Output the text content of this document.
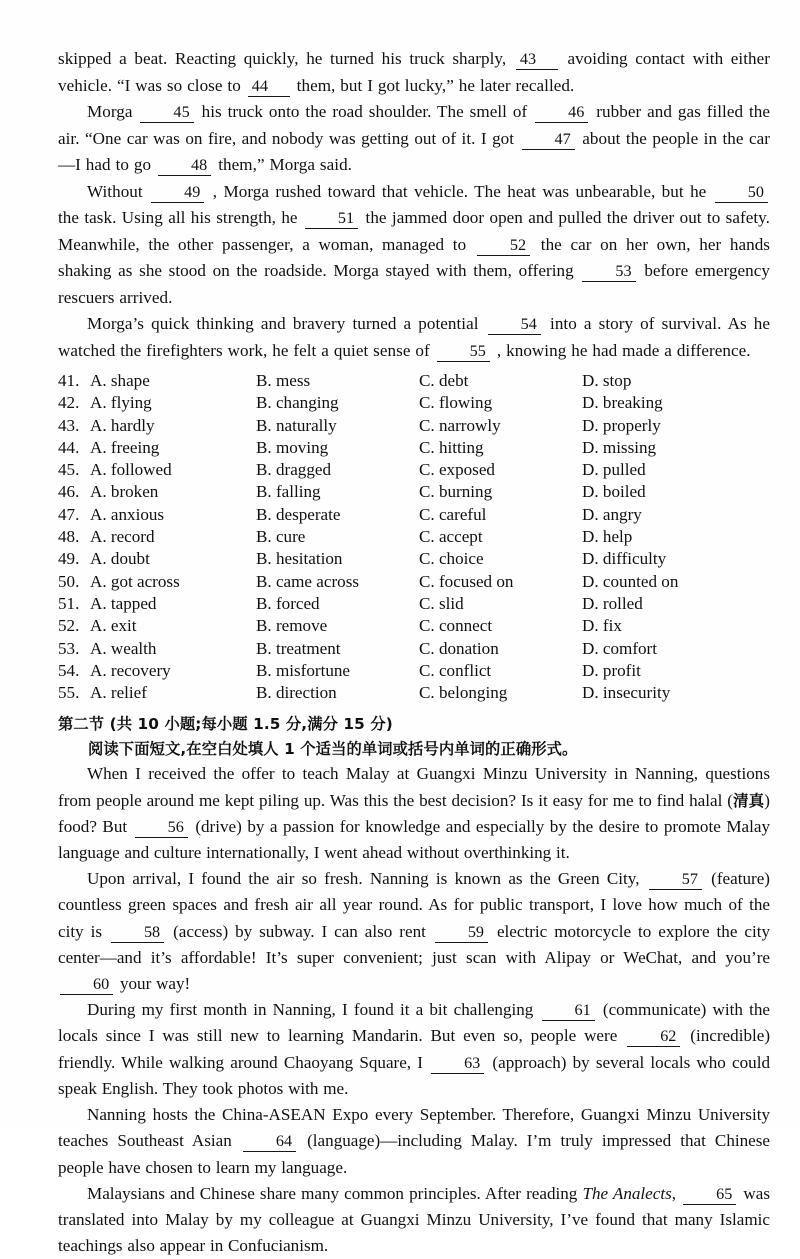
skipped a beat. Reacting quickly, he turned his truck sharply, 43 avoiding contact with either vehicle. “I was so close to 44 them, but I got lucky,” he later recalled.

Morga 45 his truck onto the road shoulder. The smell of 46 rubber and gas filled the air. “One car was on fire, and nobody was getting out of it. I got 47 about the people in the car—I had to go 48 them,” Morga said.

Without 49 , Morga rushed toward that vehicle. The heat was unbearable, but he 50 the task. Using all his strength, he 51 the jammed door open and pulled the driver out to safety. Meanwhile, the other passenger, a woman, managed to 52 the car on her own, her hands shaking as she stood on the roadside. Morga stayed with them, offering 53 before emergency rescuers arrived.

Morga’s quick thinking and bravery turned a potential 54 into a story of survival. As he watched the firefighters work, he felt a quiet sense of 55 , knowing he had made a difference.

41. A. shape	B. mess	C. debt	D. stop
42. A. flying	B. changing	C. flowing	D. breaking
43. A. hardly	B. naturally	C. narrowly	D. properly
44. A. freeing	B. moving	C. hitting	D. missing
45. A. followed	B. dragged	C. exposed	D. pulled
46. A. broken	B. falling	C. burning	D. boiled
47. A. anxious	B. desperate	C. careful	D. angry
48. A. record	B. cure	C. accept	D. help
49. A. doubt	B. hesitation	C. choice	D. difficulty
50. A. got across	B. came across	C. focused on	D. counted on
51. A. tapped	B. forced	C. slid	D. rolled
52. A. exit	B. remove	C. connect	D. fix
53. A. wealth	B. treatment	C. donation	D. comfort
54. A. recovery	B. misfortune	C. conflict	D. profit
55. A. relief	B. direction	C. belonging	D. insecurity

第二节 (共 10 小题;每小题 1.5 分,满分 15 分)

阅读下面短文,在空白处填人 1 个适当的单词或括号内单词的正确形式。

When I received the offer to teach Malay at Guangxi Minzu University in Nanning, questions from people around me kept piling up. Was this the best decision? Is it easy for me to find halal (清真) food? But 56 (drive) by a passion for knowledge and especially by the desire to promote Malay language and culture internationally, I went ahead without overthinking it.

Upon arrival, I found the air so fresh. Nanning is known as the Green City, 57 (feature) countless green spaces and fresh air all year round. As for public transport, I love how much of the city is 58 (access) by subway. I can also rent 59 electric motorcycle to explore the city center—and it’s affordable! It’s super convenient; just scan with Alipay or WeChat, and you’re 60 your way!

During my first month in Nanning, I found it a bit challenging 61 (communicate) with the locals since I was still new to learning Mandarin. But even so, people were 62 (incredible) friendly. While walking around Chaoyang Square, I 63 (approach) by several locals who could speak English. They took photos with me.

Nanning hosts the China-ASEAN Expo every September. Therefore, Guangxi Minzu University teaches Southeast Asian 64 (language)—including Malay. I’m truly impressed that Chinese people have chosen to learn my language.

Malaysians and Chinese share many common principles. After reading The Analects, 65 was translated into Malay by my colleague at Guangxi Minzu University, I’ve found that many Islamic teachings also appear in Confucianism.
